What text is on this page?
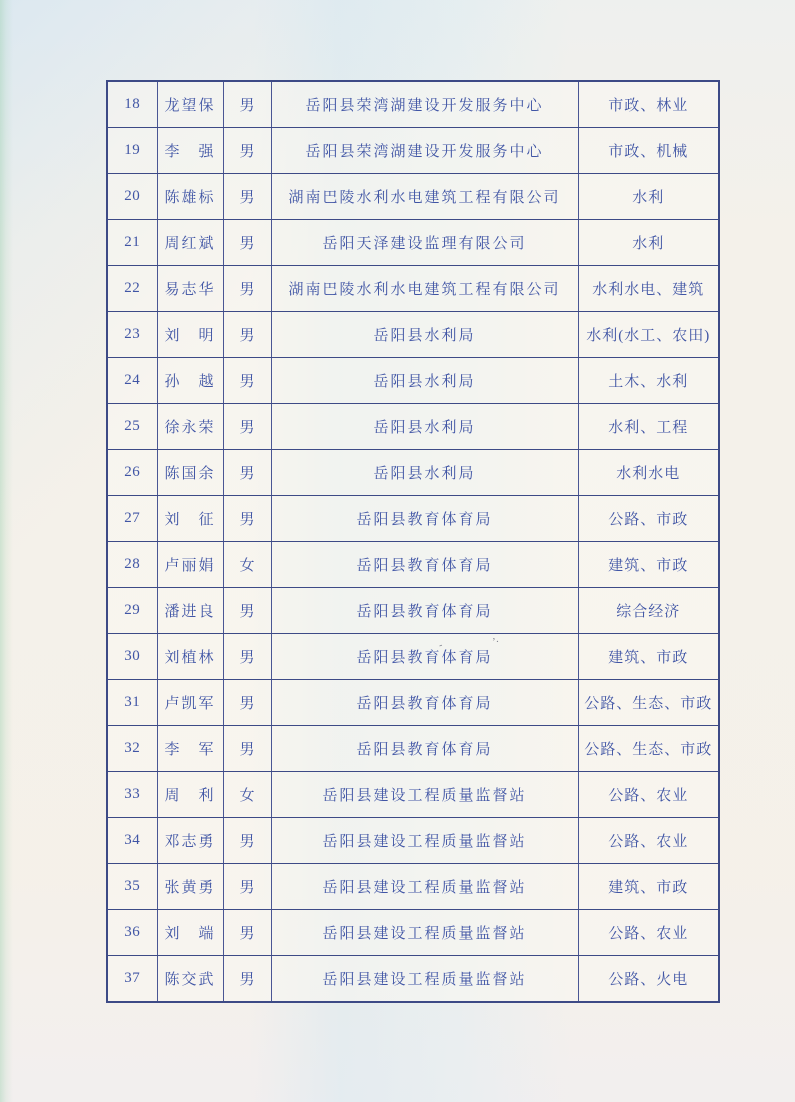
18	龙望保	男	岳阳县荣湾湖建设开发服务中心	市政、林业
19	李　强	男	岳阳县荣湾湖建设开发服务中心	市政、机械
20	陈雄标	男	湖南巴陵水利水电建筑工程有限公司	水利
21	周红斌	男	岳阳天泽建设监理有限公司	水利
22	易志华	男	湖南巴陵水利水电建筑工程有限公司	水利水电、建筑
23	刘　明	男	岳阳县水利局	水利(水工、农田)
24	孙　越	男	岳阳县水利局	土木、水利
25	徐永荣	男	岳阳县水利局	水利、工程
26	陈国余	男	岳阳县水利局	水利水电
27	刘　征	男	岳阳县教育体育局	公路、市政
28	卢丽娟	女	岳阳县教育体育局	建筑、市政
29	潘进良	男	岳阳县教育体育局	综合经济
30	刘植林	男	岳阳县教育体育局	建筑、市政
31	卢凯军	男	岳阳县教育体育局	公路、生态、市政
32	李　军	男	岳阳县教育体育局	公路、生态、市政
33	周　利	女	岳阳县建设工程质量监督站	公路、农业
34	邓志勇	男	岳阳县建设工程质量监督站	公路、农业
35	张黄勇	男	岳阳县建设工程质量监督站	建筑、市政
36	刘　端	男	岳阳县建设工程质量监督站	公路、农业
37	陈交武	男	岳阳县建设工程质量监督站	公路、火电
-	ʼ·
